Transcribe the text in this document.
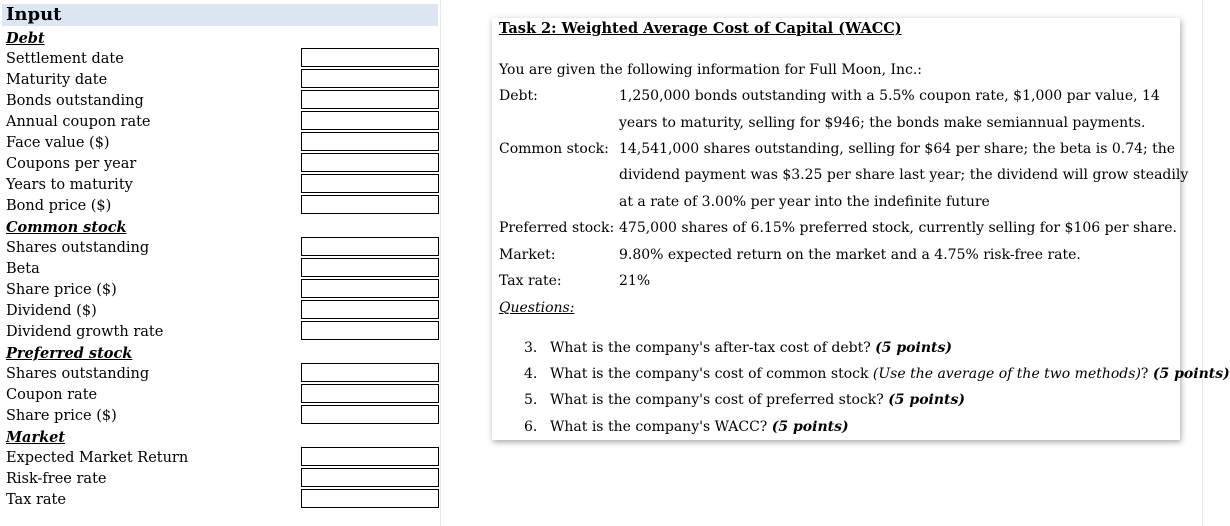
Input
Debt
Settlement date
Maturity date
Bonds outstanding
Annual coupon rate
Face value ($)
Coupons per year
Years to maturity
Bond price ($)
Common stock
Shares outstanding
Beta
Share price ($)
Dividend ($)
Dividend growth rate
Preferred stock
Shares outstanding
Coupon rate
Share price ($)
Market
Expected Market Return
Risk-free rate
Tax rate
Task 2: Weighted Average Cost of Capital (WACC)
You are given the following information for Full Moon, Inc.:
Debt:	1,250,000 bonds outstanding with a 5.5% coupon rate, $1,000 par value, 14
years to maturity, selling for $946; the bonds make semiannual payments.
Common stock: 14,541,000 shares outstanding, selling for $64 per share; the beta is 0.74; the
dividend payment was $3.25 per share last year; the dividend will grow steadily
at a rate of 3.00% per year into the indefinite future
Preferred stock: 475,000 shares of 6.15% preferred stock, currently selling for $106 per share.
Market:	9.80% expected return on the market and a 4.75% risk-free rate.
Tax rate:	21%
Questions:
3. What is the company's after-tax cost of debt? (5 points)
4. What is the company's cost of common stock (Use the average of the two methods)? (5 points)
5. What is the company's cost of preferred stock? (5 points)
6. What is the company's WACC? (5 points)
